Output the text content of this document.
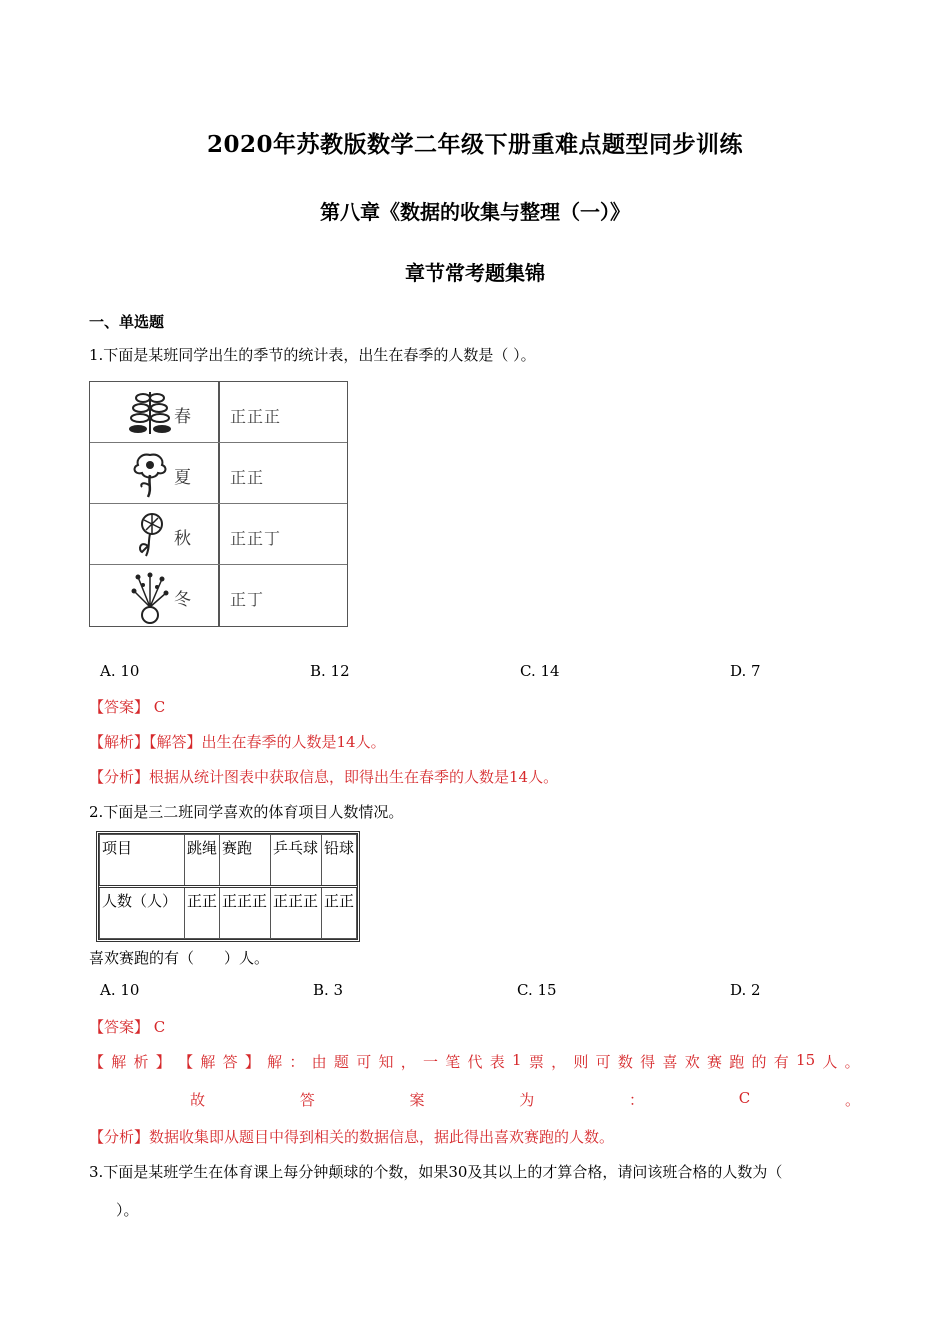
2020年苏教版数学二年级下册重难点题型同步训练
第八章《数据的收集与整理（一）》
章节常考题集锦
一、单选题
1.下面是某班同学出生的季节的统计表，出生在春季的人数是（ ）。
春 正正正
夏 正正
秋 正正丁
冬 正丁
A. 10	B. 12	C. 14	D. 7
【答案】 C
【解析】【解答】出生在春季的人数是14人。
【分析】根据从统计图表中获取信息，即得出生在春季的人数是14人。
2.下面是三二班同学喜欢的体育项目人数情况。
项目	跳绳	赛跑	乒乓球	铅球
人数（人）	正正	正正正	正正正	正正
喜欢赛跑的有（　　）人。
A. 10	B. 3	C. 15	D. 2
【答案】 C
【 解 析 】 【 解 答 】 解 ： 由 题 可 知 ， 一 笔 代 表 1 票 ， 则 可 数 得 喜 欢 赛 跑 的 有 15 人 。
故	答	案	为	：	C	。
【分析】数据收集即从题目中得到相关的数据信息，据此得出喜欢赛跑的人数。
3.下面是某班学生在体育课上每分钟颠球的个数，如果30及其以上的才算合格，请问该班合格的人数为（
）。
